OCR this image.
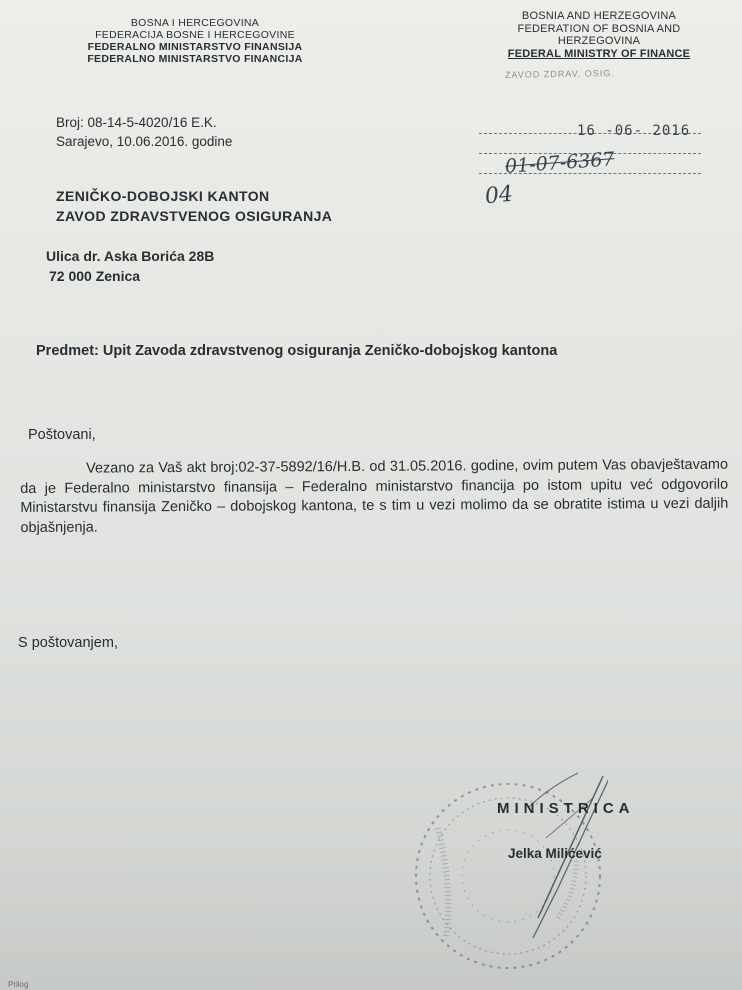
BOSNA I HERCEGOVINA
FEDERACIJA BOSNE I HERCEGOVINE
FEDERALNO MINISTARSTVO FINANSIJA
FEDERALNO MINISTARSTVO FINANCIJA
BOSNIA AND HERZEGOVINA
FEDERATION OF BOSNIA AND
HERZEGOVINA
FEDERAL MINISTRY OF FINANCE
ZAVOD ZDRAV. OSIG.
Broj: 08-14-5-4020/16 E.K.
Sarajevo, 10.06.2016. godine
16 -06- 2016
01-07-6367
04
ZENIČKO-DOBOJSKI KANTON
ZAVOD ZDRAVSTVENOG OSIGURANJA
Ulica dr. Aska Borića 28B
72 000 Zenica
Predmet: Upit Zavoda zdravstvenog osiguranja Zeničko-dobojskog kantona
Poštovani,
Vezano za Vaš akt broj:02-37-5892/16/H.B. od 31.05.2016. godine, ovim putem Vas obavještavamo da je Federalno ministarstvo finansija – Federalno ministarstvo financija po istom upitu već odgovorilo Ministarstvu finansija Zeničko – dobojskog kantona, te s tim u vezi molimo da se obratite istima u vezi daljih objašnjenja.
S poštovanjem,
MINISTRICA
Jelka Milićević
Prilog
